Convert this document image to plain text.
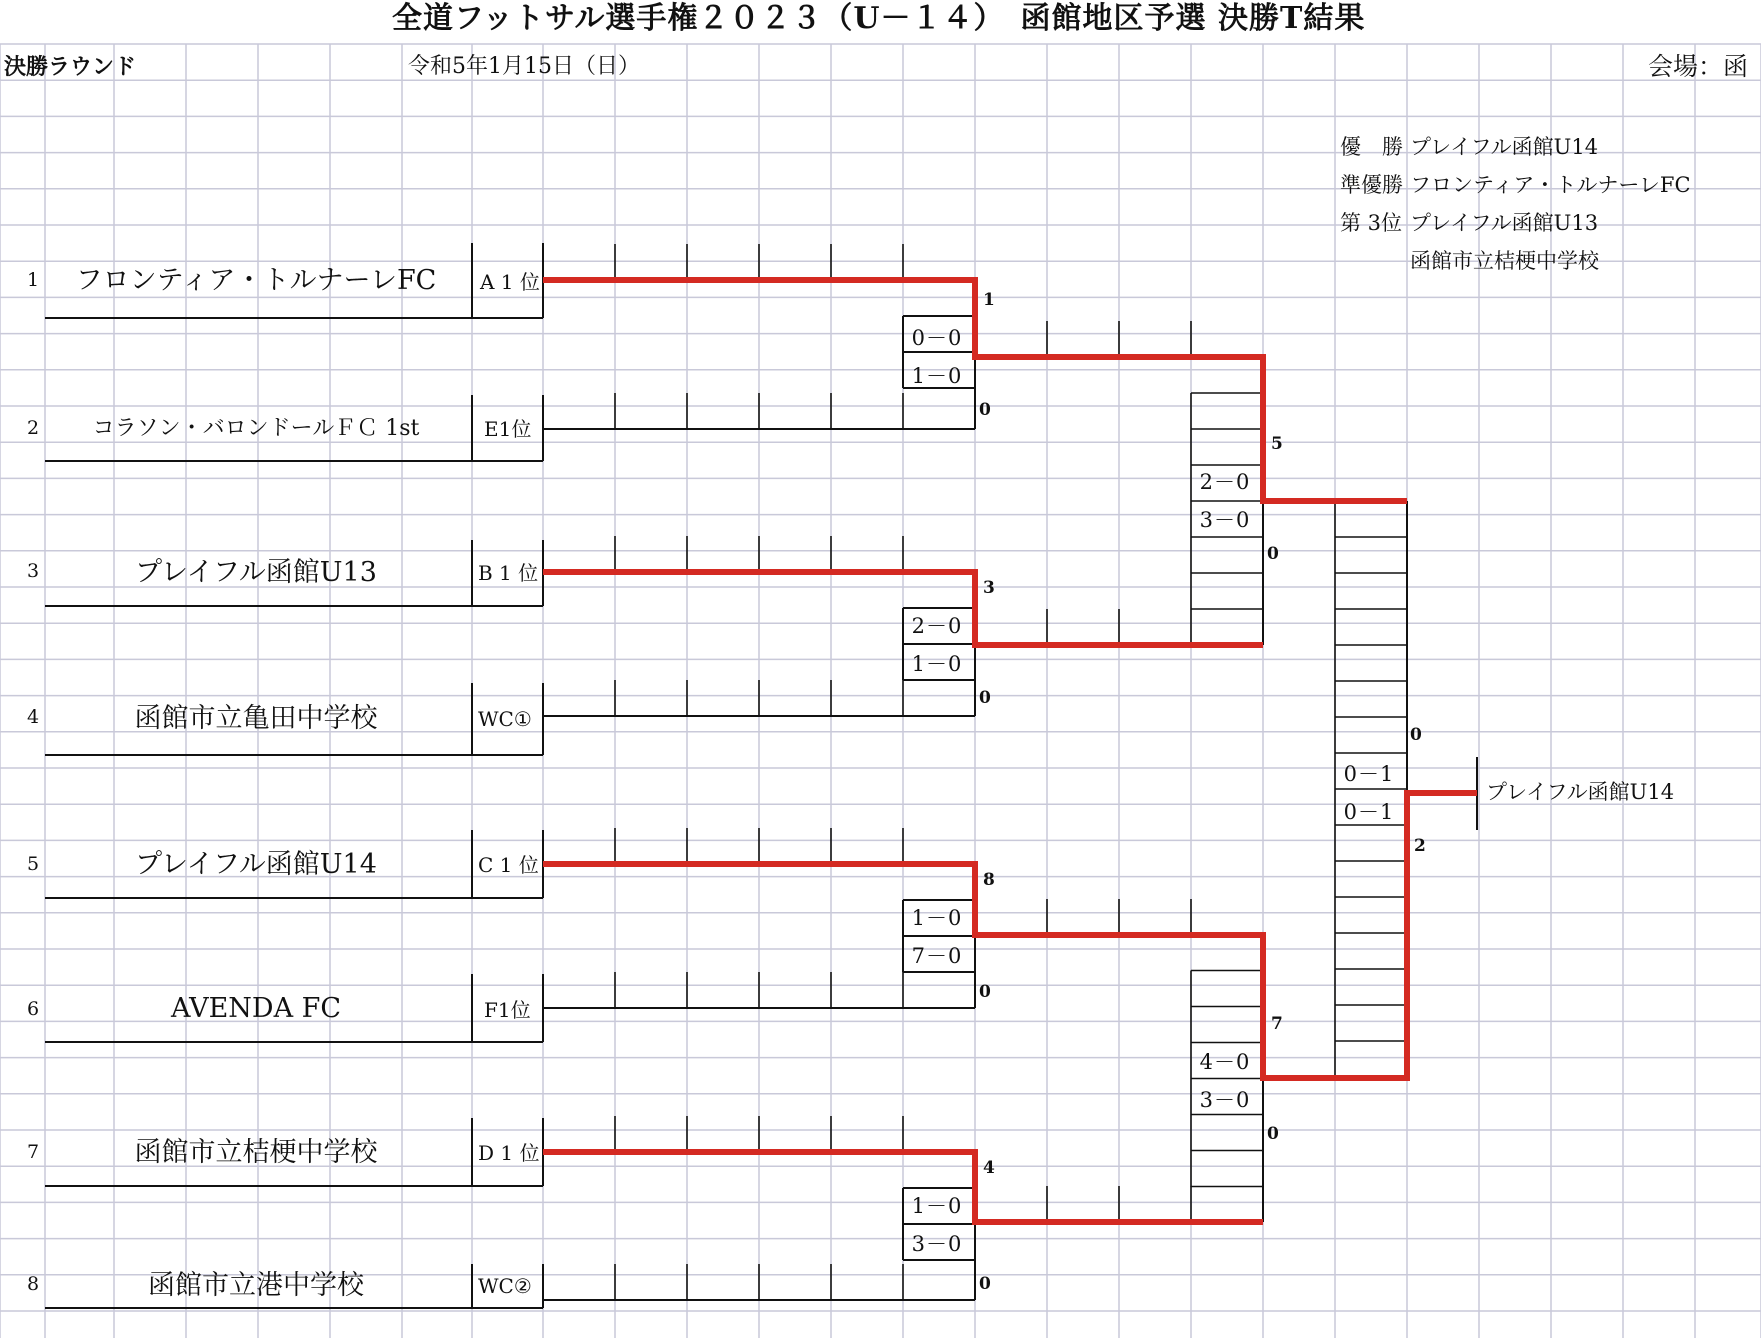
全道フットサル選手権２０２３（U－１４）　函館地区予選 決勝T結果
決勝ラウンド	令和5年1月15日（日）	会場：函
優　勝 プレイフル函館U14
準優勝 フロンティア・トルナーレFC
第 3位 プレイフル函館U13
函館市立桔梗中学校
1
2
3
4
5
6
7
8
フロンティア・トルナーレFC
コラソン・バロンドールＦＣ 1st
プレイフル函館U13
函館市立亀田中学校
プレイフル函館U14
AVENDA FC
函館市立桔梗中学校
函館市立港中学校
A 1 位
E1位
B 1 位
WC①
C 1 位
F1位
D 1 位
WC②
1
0－0
1－0
0
3
2－0
1－0
0
8
1－0
7－0
0
4
1－0
3－0
0
5
2－0
3－0
0
7
4－0
3－0
0
0
0－1
0－1
2
プレイフル函館U14
